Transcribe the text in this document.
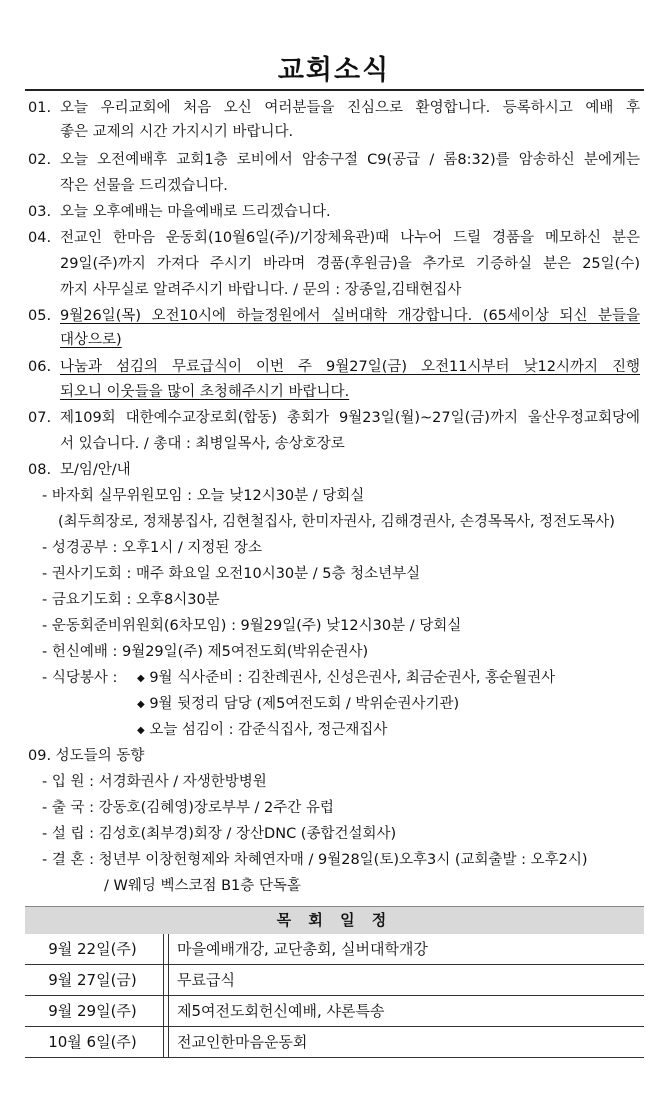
교회소식
01. 오늘 우리교회에 처음 오신 여러분들을 진심으로 환영합니다. 등록하시고 예배 후
좋은 교제의 시간 가지시기 바랍니다.
02. 오늘 오전예배후 교회1층 로비에서 암송구절 C9(공급 / 롬8:32)를 암송하신 분에게는
작은 선물을 드리겠습니다.
03. 오늘 오후예배는 마을예배로 드리겠습니다.
04. 전교인 한마음 운동회(10월6일(주)/기장체육관)때 나누어 드릴 경품을 메모하신 분은
29일(주)까지 가져다 주시기 바라며 경품(후원금)을 추가로 기증하실 분은 25일(수)
까지 사무실로 알려주시기 바랍니다. / 문의 : 장종일,김태현집사
05. 9월26일(목) 오전10시에 하늘정원에서 실버대학 개강합니다. (65세이상 되신 분들을
대상으로)
06. 나눔과 섬김의 무료급식이 이번 주 9월27일(금) 오전11시부터 낮12시까지 진행
되오니 이웃들을 많이 초청해주시기 바랍니다.
07. 제109회 대한예수교장로회(합동) 총회가 9월23일(월)~27일(금)까지 울산우정교회당에
서 있습니다. / 총대 : 최병일목사, 송상호장로
08. 모/임/안/내
- 바자회 실무위원모임 : 오늘 낮12시30분 / 당회실
(최두희장로, 정채봉집사, 김현철집사, 한미자권사, 김해경권사, 손경목목사, 정전도목사)
- 성경공부 : 오후1시 / 지정된 장소
- 권사기도회 : 매주 화요일 오전10시30분 / 5층 청소년부실
- 금요기도회 : 오후8시30분
- 운동회준비위원회(6차모임) : 9월29일(주) 낮12시30분 / 당회실
- 헌신예배 : 9월29일(주) 제5여전도회(박위순권사)
- 식당봉사 : ◆ 9월 식사준비 : 김찬례권사, 신성은권사, 최금순권사, 홍순월권사
◆ 9월 뒷정리 담당 (제5여전도회 / 박위순권사기관)
◆ 오늘 섬김이 : 감준식집사, 정근재집사
09. 성도들의 동향
- 입 원 : 서경화권사 / 자생한방병원
- 출 국 : 강동호(김혜영)장로부부 / 2주간 유럽
- 설 립 : 김성호(최부경)회장 / 장산DNC (종합건설회사)
- 결 혼 : 청년부 이창헌형제와 차혜연자매 / 9월28일(토)오후3시 (교회출발 : 오후2시)
/ W웨딩 벡스코점 B1층 단독홀
목 회 일 정
9월 22일(주)	마을예배개강, 교단총회, 실버대학개강
9월 27일(금)	무료급식
9월 29일(주)	제5여전도회헌신예배, 샤론특송
10월 6일(주)	전교인한마음운동회
